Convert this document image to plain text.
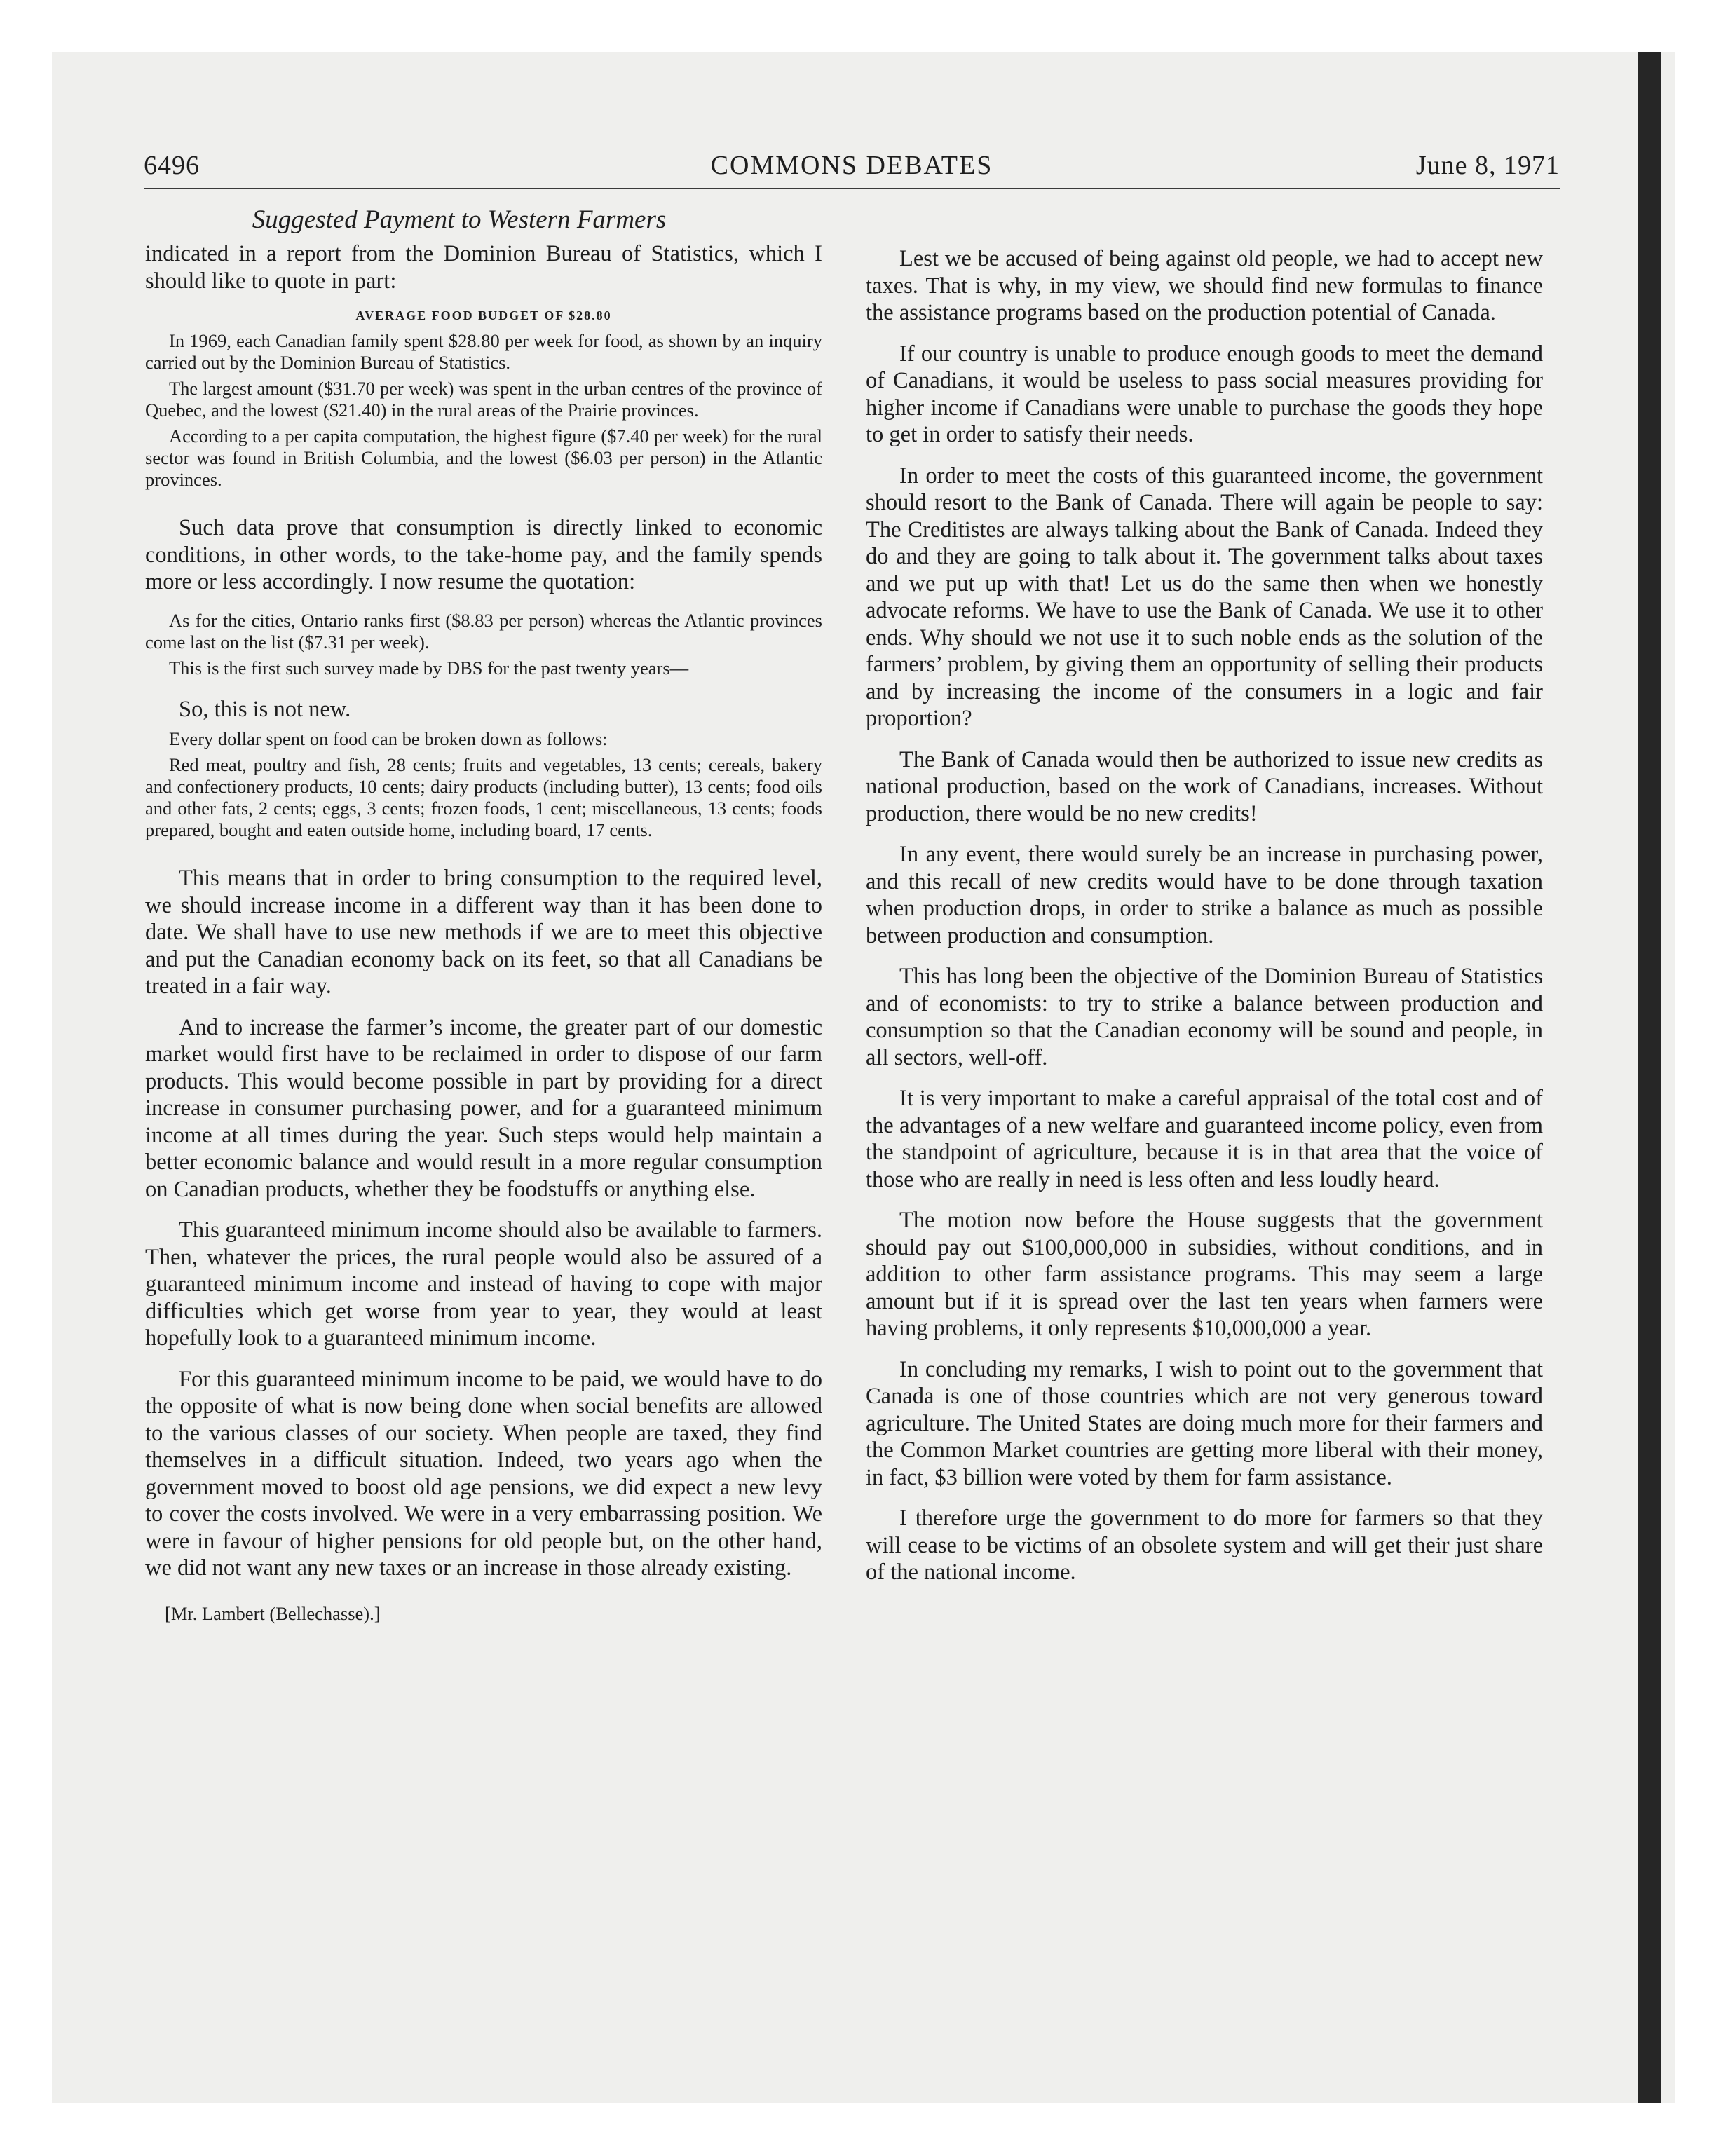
6496	COMMONS DEBATES	June 8, 1971
Suggested Payment to Western Farmers

indicated in a report from the Dominion Bureau of Statistics, which I should like to quote in part:

AVERAGE FOOD BUDGET OF $28.80

In 1969, each Canadian family spent $28.80 per week for food, as shown by an inquiry carried out by the Dominion Bureau of Statistics.

The largest amount ($31.70 per week) was spent in the urban centres of the province of Quebec, and the lowest ($21.40) in the rural areas of the Prairie provinces.

According to a per capita computation, the highest figure ($7.40 per week) for the rural sector was found in British Columbia, and the lowest ($6.03 per person) in the Atlantic provinces.

Such data prove that consumption is directly linked to economic conditions, in other words, to the take-home pay, and the family spends more or less accordingly. I now resume the quotation:

As for the cities, Ontario ranks first ($8.83 per person) whereas the Atlantic provinces come last on the list ($7.31 per week).

This is the first such survey made by DBS for the past twenty years—

So, this is not new.

Every dollar spent on food can be broken down as follows:

Red meat, poultry and fish, 28 cents; fruits and vegetables, 13 cents; cereals, bakery and confectionery products, 10 cents; dairy products (including butter), 13 cents; food oils and other fats, 2 cents; eggs, 3 cents; frozen foods, 1 cent; miscellaneous, 13 cents; foods prepared, bought and eaten outside home, including board, 17 cents.

This means that in order to bring consumption to the required level, we should increase income in a different way than it has been done to date. We shall have to use new methods if we are to meet this objective and put the Canadian economy back on its feet, so that all Canadians be treated in a fair way.

And to increase the farmer’s income, the greater part of our domestic market would first have to be reclaimed in order to dispose of our farm products. This would become possible in part by providing for a direct increase in consumer purchasing power, and for a guaranteed minimum income at all times during the year. Such steps would help maintain a better economic balance and would result in a more regular consumption on Canadian products, whether they be foodstuffs or anything else.

This guaranteed minimum income should also be available to farmers. Then, whatever the prices, the rural people would also be assured of a guaranteed minimum income and instead of having to cope with major difficulties which get worse from year to year, they would at least hopefully look to a guaranteed minimum income.

For this guaranteed minimum income to be paid, we would have to do the opposite of what is now being done when social benefits are allowed to the various classes of our society. When people are taxed, they find themselves in a difficult situation. Indeed, two years ago when the government moved to boost old age pensions, we did expect a new levy to cover the costs involved. We were in a very embarrassing position. We were in favour of higher pensions for old people but, on the other hand, we did not want any new taxes or an increase in those already existing.

[Mr. Lambert (Bellechasse).]

Lest we be accused of being against old people, we had to accept new taxes. That is why, in my view, we should find new formulas to finance the assistance programs based on the production potential of Canada.

If our country is unable to produce enough goods to meet the demand of Canadians, it would be useless to pass social measures providing for higher income if Canadians were unable to purchase the goods they hope to get in order to satisfy their needs.

In order to meet the costs of this guaranteed income, the government should resort to the Bank of Canada. There will again be people to say: The Creditistes are always talking about the Bank of Canada. Indeed they do and they are going to talk about it. The government talks about taxes and we put up with that! Let us do the same then when we honestly advocate reforms. We have to use the Bank of Canada. We use it to other ends. Why should we not use it to such noble ends as the solution of the farmers’ problem, by giving them an opportunity of selling their products and by increasing the income of the consumers in a logic and fair proportion?

The Bank of Canada would then be authorized to issue new credits as national production, based on the work of Canadians, increases. Without production, there would be no new credits!

In any event, there would surely be an increase in purchasing power, and this recall of new credits would have to be done through taxation when production drops, in order to strike a balance as much as possible between production and consumption.

This has long been the objective of the Dominion Bureau of Statistics and of economists: to try to strike a balance between production and consumption so that the Canadian economy will be sound and people, in all sectors, well-off.

It is very important to make a careful appraisal of the total cost and of the advantages of a new welfare and guaranteed income policy, even from the standpoint of agriculture, because it is in that area that the voice of those who are really in need is less often and less loudly heard.

The motion now before the House suggests that the government should pay out $100,000,000 in subsidies, without conditions, and in addition to other farm assistance programs. This may seem a large amount but if it is spread over the last ten years when farmers were having problems, it only represents $10,000,000 a year.

In concluding my remarks, I wish to point out to the government that Canada is one of those countries which are not very generous toward agriculture. The United States are doing much more for their farmers and the Common Market countries are getting more liberal with their money, in fact, $3 billion were voted by them for farm assistance.

I therefore urge the government to do more for farmers so that they will cease to be victims of an obsolete system and will get their just share of the national income.
